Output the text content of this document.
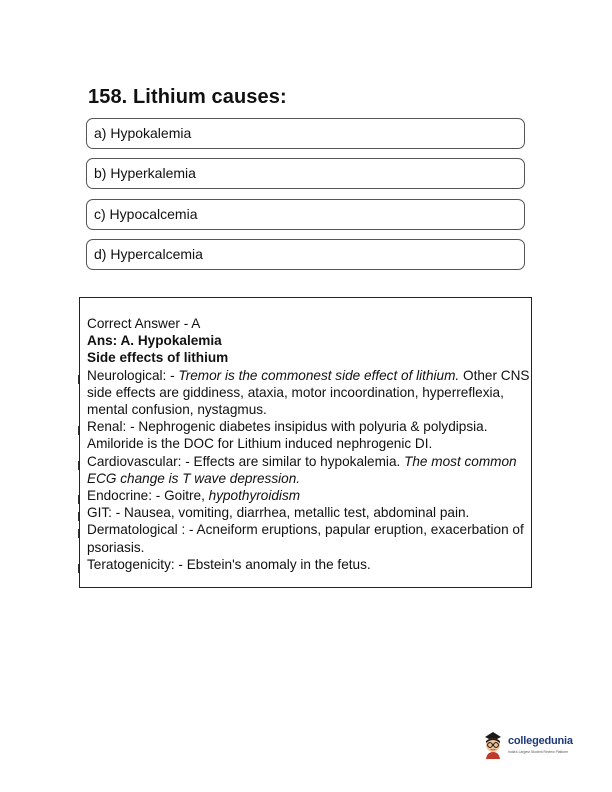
158. Lithium causes:
a) Hypokalemia
b) Hyperkalemia
c) Hypocalcemia
d) Hypercalcemia

Correct Answer - A

Ans: A. Hypokalemia

Side effects of lithium

Neurological: - Tremor is the commonest side effect of lithium. Other CNS side effects are giddiness, ataxia, motor incoordination, hyperreflexia, mental confusion, nystagmus.

Renal: - Nephrogenic diabetes insipidus with polyuria & polydipsia. Amiloride is the DOC for Lithium induced nephrogenic DI.

Cardiovascular: - Effects are similar to hypokalemia. The most common ECG change is T wave depression.

Endocrine: - Goitre, hypothyroidism

GIT: - Nausea, vomiting, diarrhea, metallic test, abdominal pain.

Dermatological : - Acneiform eruptions, papular eruption, exacerbation of psoriasis.

Teratogenicity: - Ebstein's anomaly in the fetus.

collegedunia
India's Largest Student Review Platform
